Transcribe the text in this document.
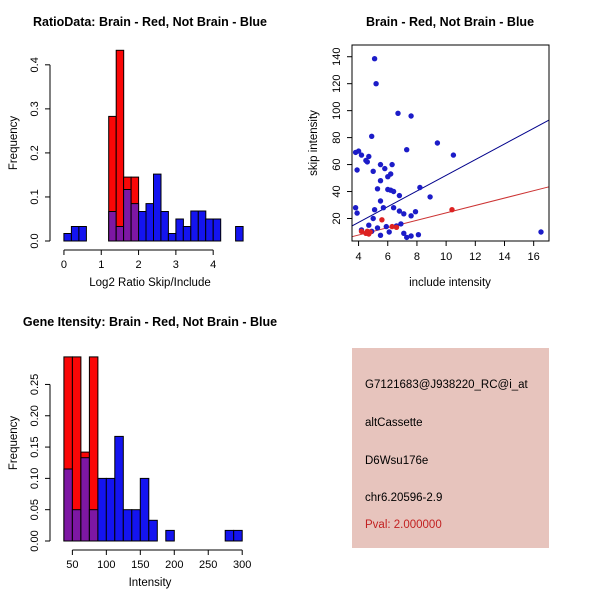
RatioData: Brain - Red, Not Brain - Blue
0	1	2	3	4
0.0
0.1
0.2
0.3
0.4
Log2 Ratio Skip/Include
Frequency
Brain - Red, Not Brain - Blue
4 6 8 10 12 14 16
20
40
60
80
100
120
140
include intensity
skip intensity
Gene Itensity: Brain - Red, Not Brain - Blue
50 100 150 200 250 300
0.00
0.05
0.10
0.15
0.20
0.25
Intensity
Frequency
G7121683@J938220_RC@i_at
altCassette
D6Wsu176e
chr6.20596-2.9
Pval: 2.000000
